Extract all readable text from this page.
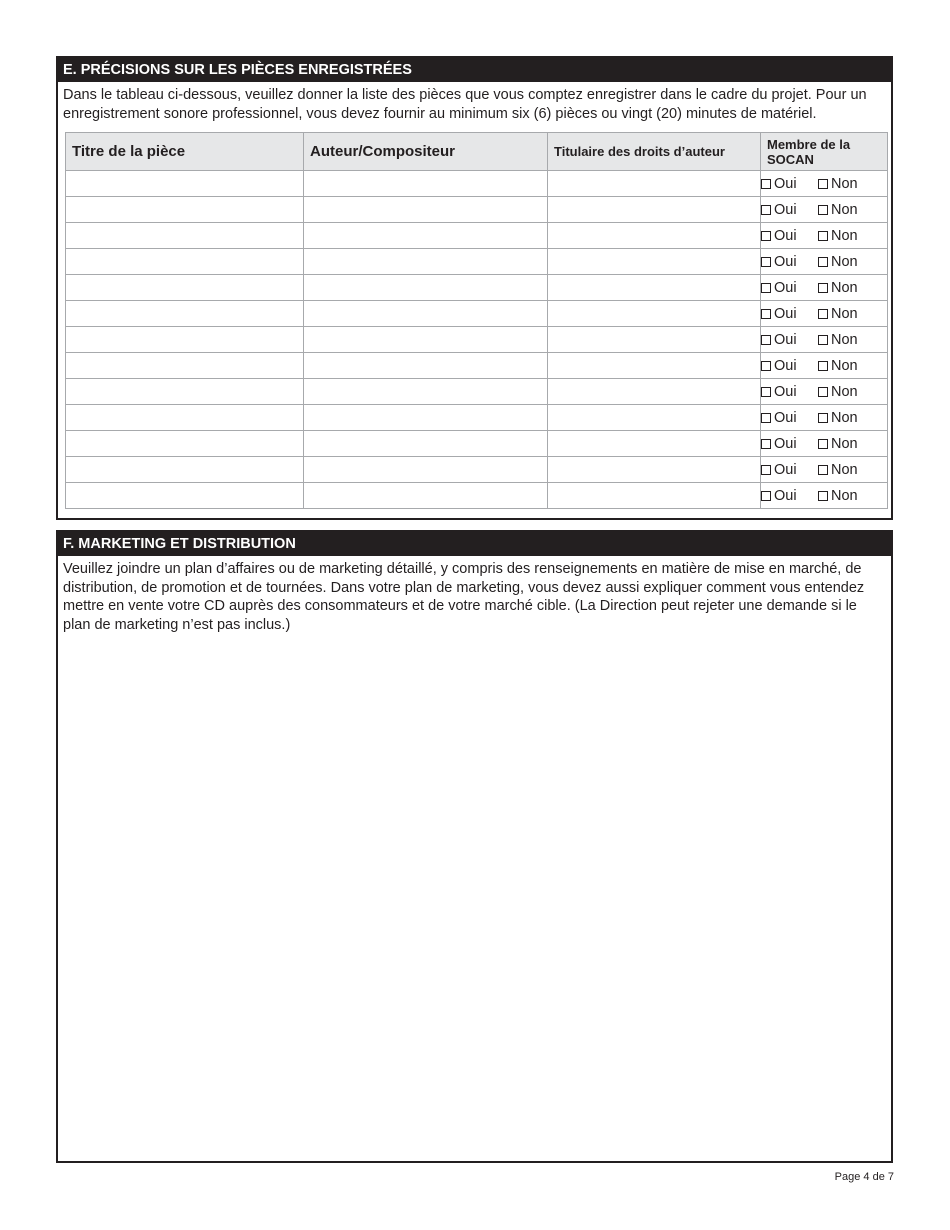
E. PRÉCISIONS SUR LES PIÈCES ENREGISTRÉES
Dans le tableau ci-dessous, veuillez donner la liste des pièces que vous comptez enregistrer dans le cadre du projet. Pour un enregistrement sonore professionnel, vous devez fournir au minimum six (6) pièces ou vingt (20) minutes de matériel.
Titre de la pièce	Auteur/Compositeur	Titulaire des droits d’auteur	Membre de la SOCAN
			Oui Non
			Oui Non
			Oui Non
			Oui Non
			Oui Non
			Oui Non
			Oui Non
			Oui Non
			Oui Non
			Oui Non
			Oui Non
			Oui Non
			Oui Non
F. MARKETING ET DISTRIBUTION
Veuillez joindre un plan d’affaires ou de marketing détaillé, y compris des renseignements en matière de mise en marché, de distribution, de promotion et de tournées. Dans votre plan de marketing, vous devez aussi expliquer comment vous entendez mettre en vente votre CD auprès des consommateurs et de votre marché cible. (La Direction peut rejeter une demande si le plan de marketing n’est pas inclus.)
Page 4 de 7
